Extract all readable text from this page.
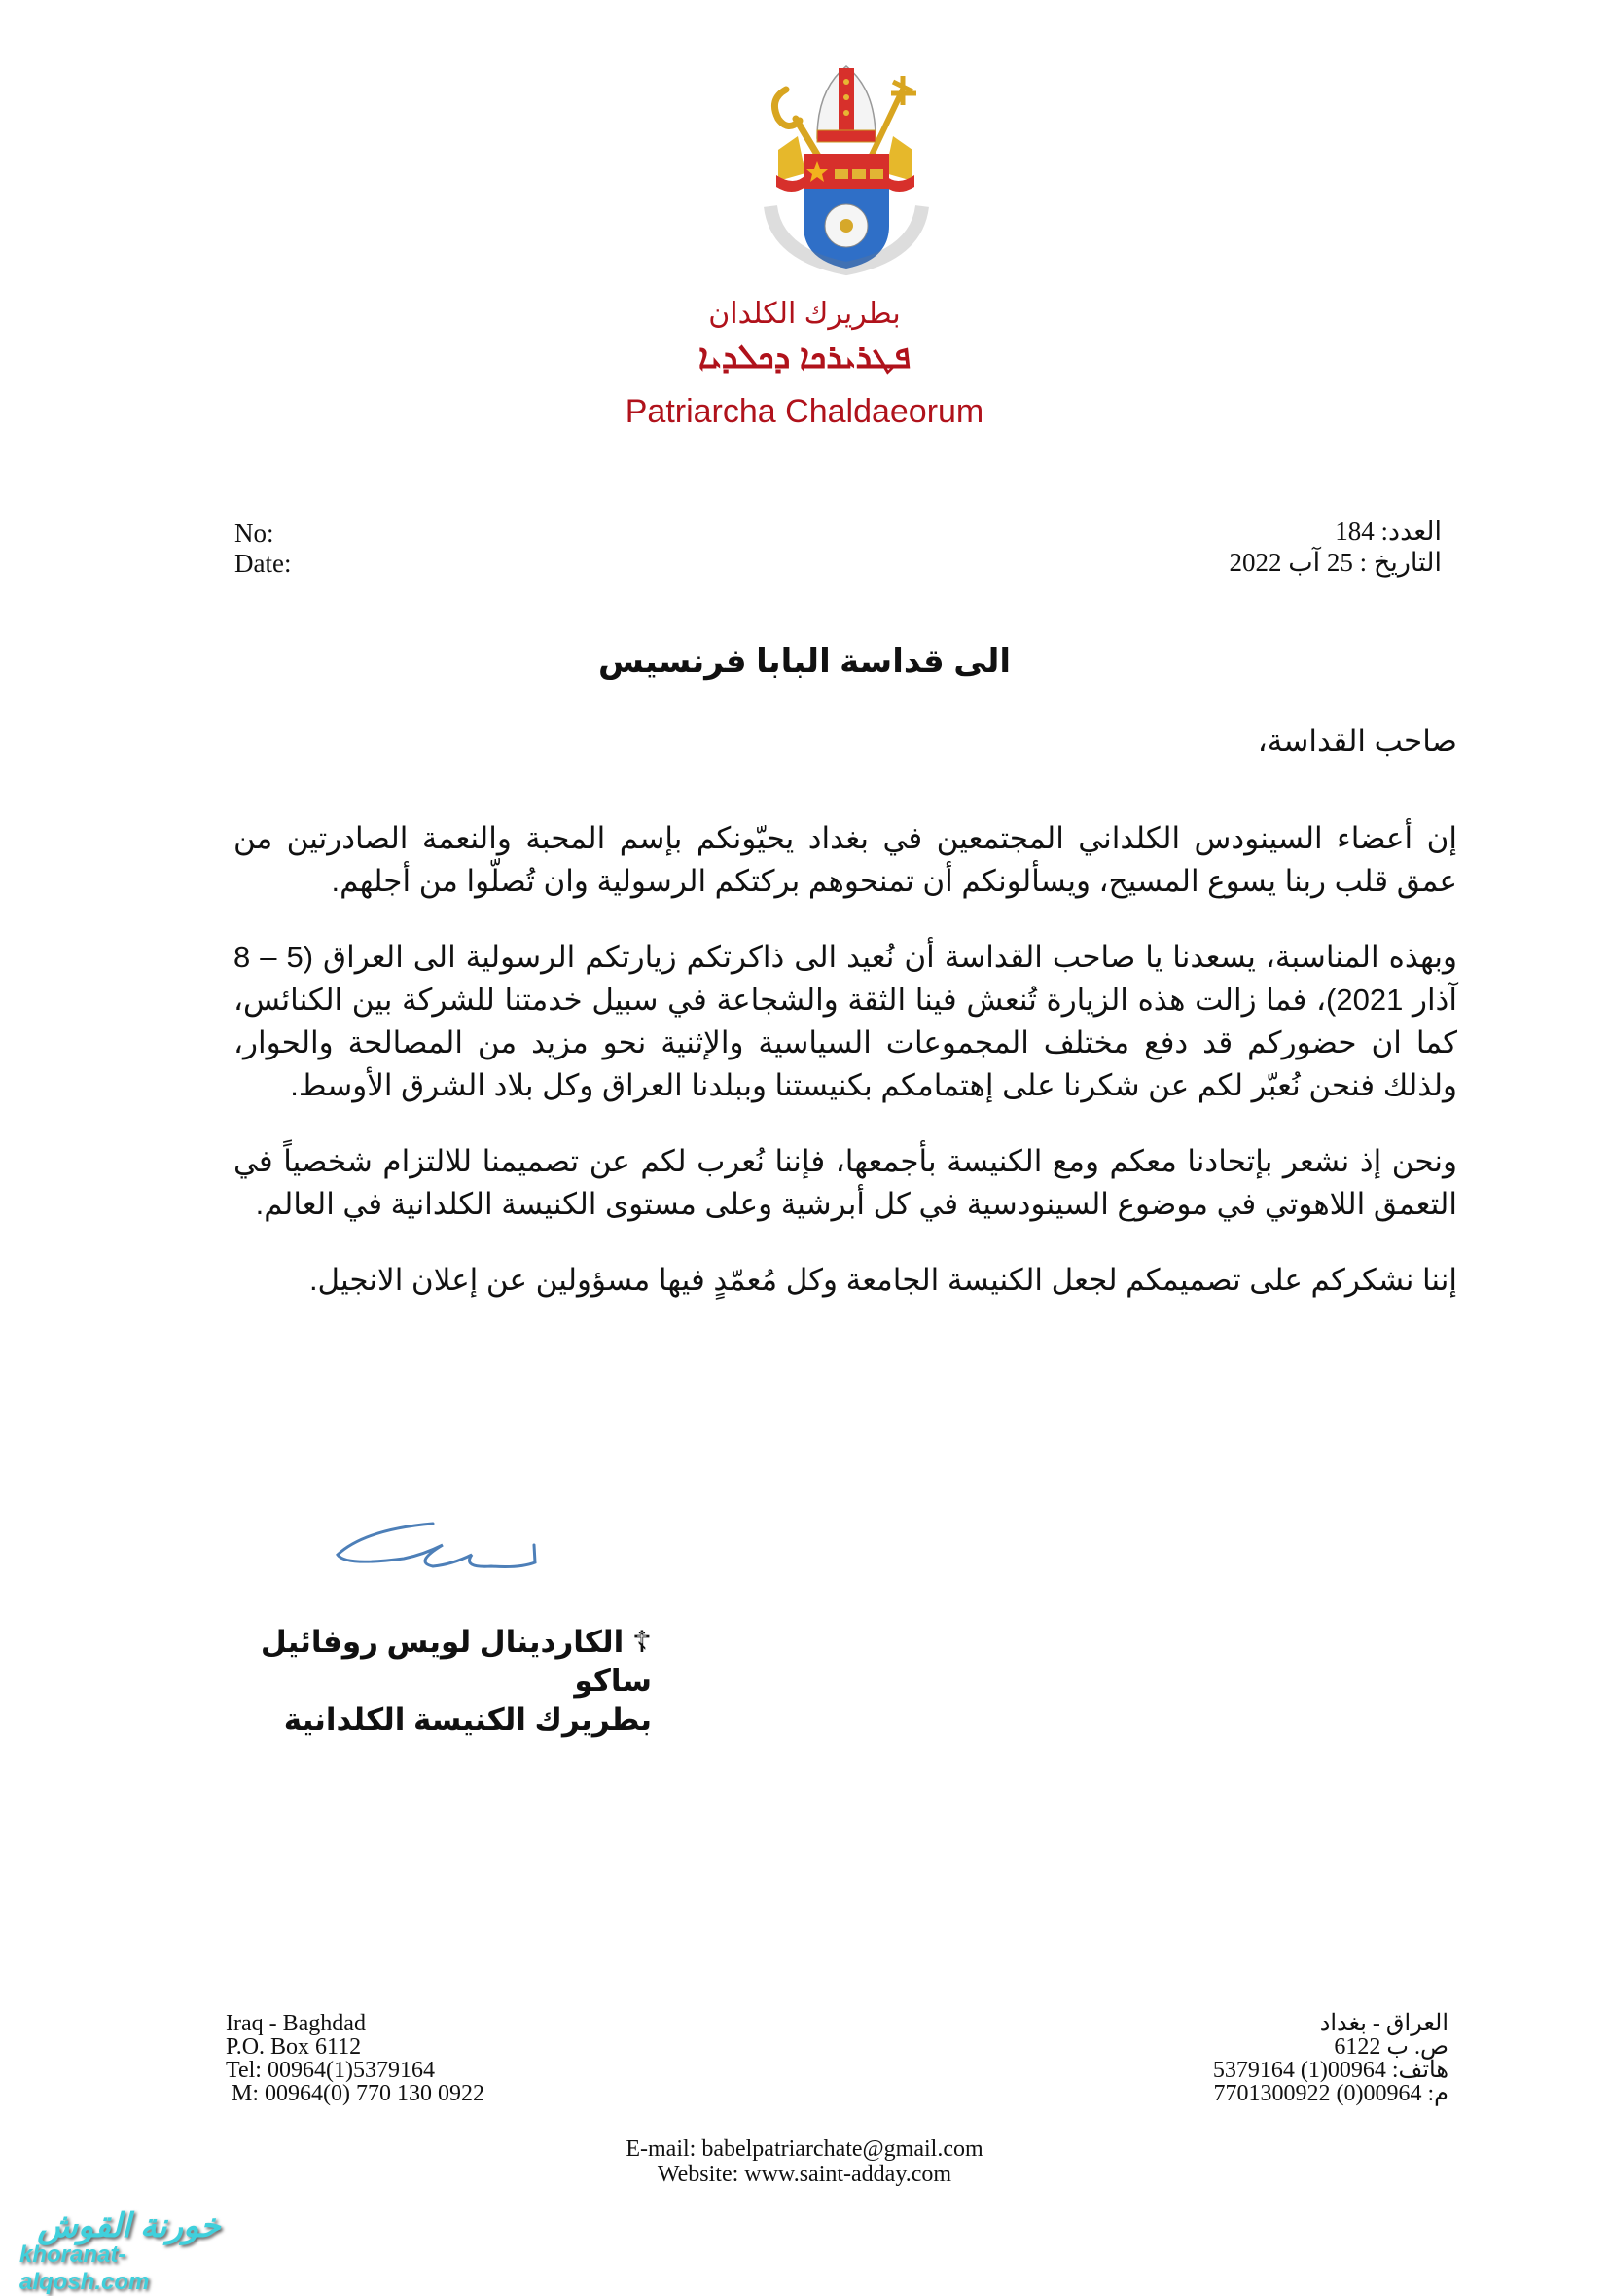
بطريرك الكلدان
ܦܛܪܝܪܟܐ ܕܟܠܕܝܐ
Patriarcha Chaldaeorum
No:
Date:
العدد: 184
التاريخ : 25 آب 2022
الى قداسة البابا فرنسيس

صاحب القداسة،

إن أعضاء السينودس الكلداني المجتمعين في بغداد يحيّونكم بإسم المحبة والنعمة الصادرتين من عمق قلب ربنا يسوع المسيح، ويسألونكم أن تمنحوهم بركتكم الرسولية وان تُصلّوا من أجلهم.

وبهذه المناسبة، يسعدنا يا صاحب القداسة أن نُعيد الى ذاكرتكم زيارتكم الرسولية الى العراق (5 – 8 آذار 2021)، فما زالت هذه الزيارة تُنعش فينا الثقة والشجاعة في سبيل خدمتنا للشركة بين الكنائس، كما ان حضوركم قد دفع مختلف المجموعات السياسية والإثنية نحو مزيد من المصالحة والحوار، ولذلك فنحن نُعبّر لكم عن شكرنا على إهتمامكم بكنيستنا وببلدنا العراق وكل بلاد الشرق الأوسط.

ونحن إذ نشعر بإتحادنا معكم ومع الكنيسة بأجمعها، فإننا نُعرب لكم عن تصميمنا للالتزام شخصياً في التعمق اللاهوتي في موضوع السينودسية في كل أبرشية وعلى مستوى الكنيسة الكلدانية في العالم.

إننا نشكركم على تصميمكم لجعل الكنيسة الجامعة وكل مُعمّدٍ فيها مسؤولين عن إعلان الانجيل.

☦ الكاردينال لويس روفائيل ساكو
بطريرك الكنيسة الكلدانية
Iraq - Baghdad
P.O. Box 6112
Tel: 00964(1)5379164
M: 00964(0) 770 130 0922
العراق - بغداد
ص. ب 6122
هاتف: 00964(1) 5379164
م: 00964(0) 7701300922
E-mail: babelpatriarchate@gmail.com
Website: www.saint-adday.com
خورنة القوش
khoranat-alqosh.com
